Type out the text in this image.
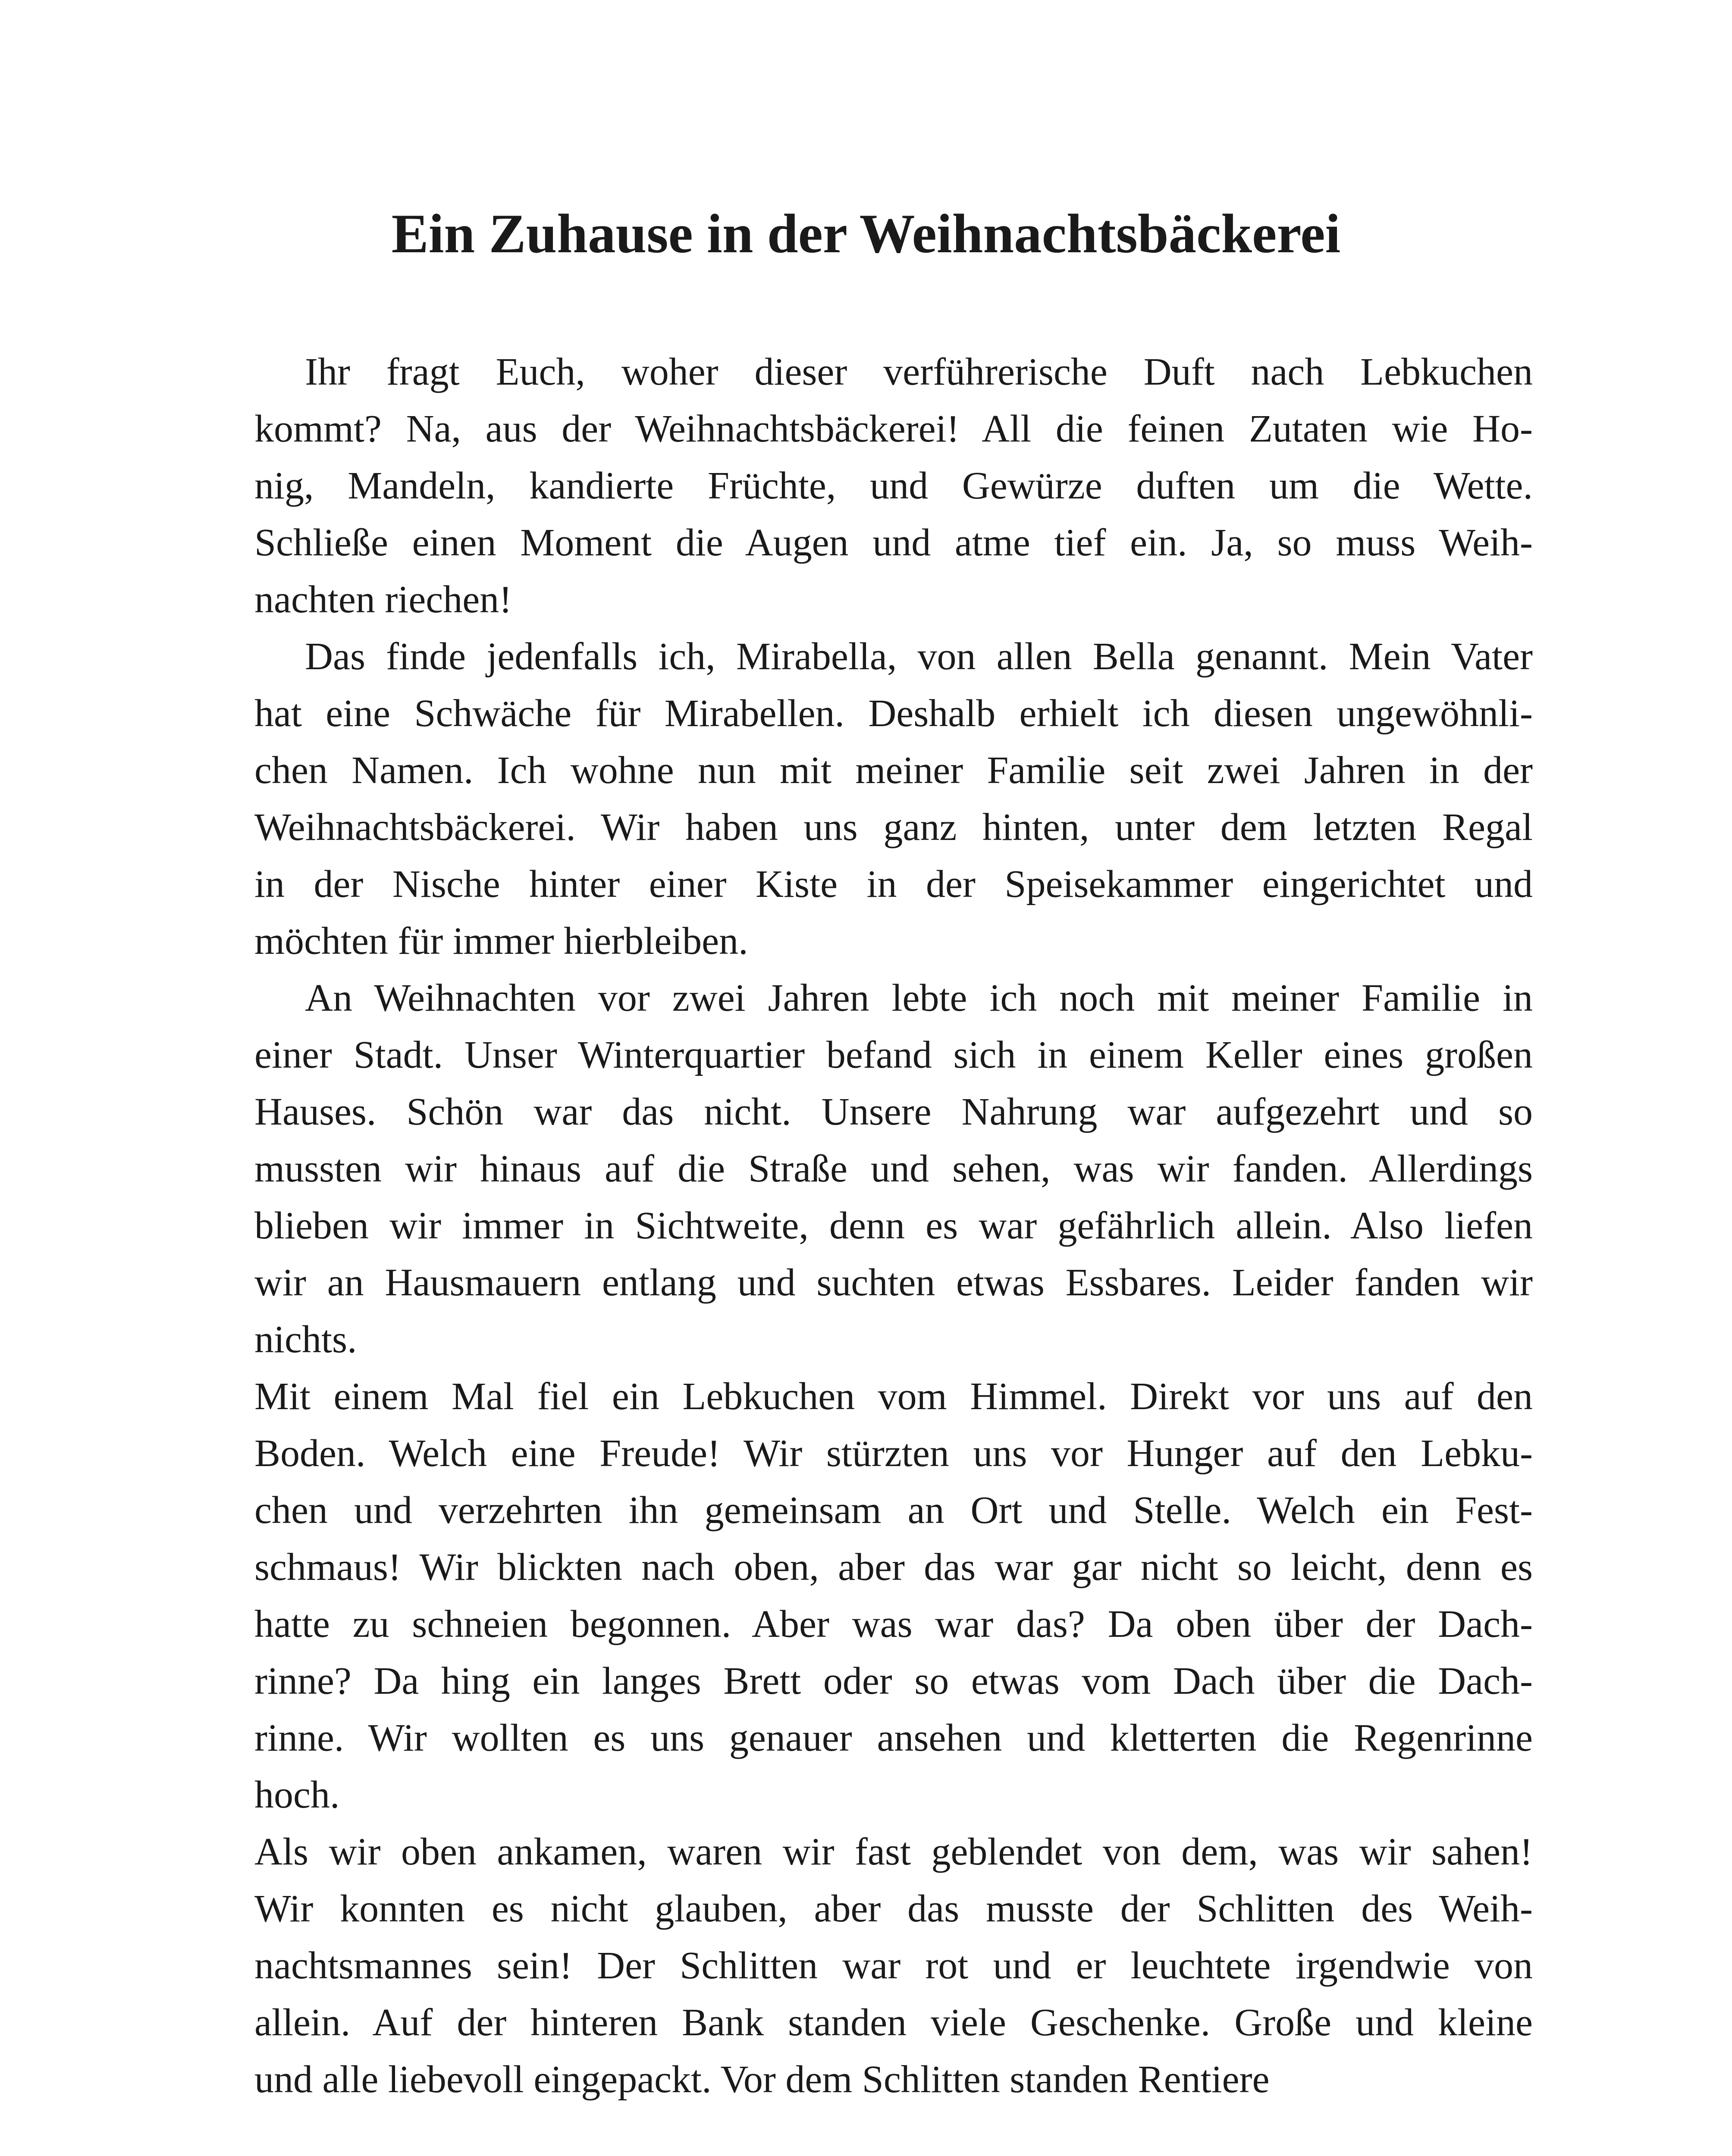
Ein Zuhause in der Weihnachtsbäckerei
Ihr fragt Euch, woher dieser verführerische Duft nach Lebkuchen
kommt? Na, aus der Weihnachtsbäckerei! All die feinen Zutaten wie Ho-
nig, Mandeln, kandierte Früchte, und Gewürze duften um die Wette.
Schließe einen Moment die Augen und atme tief ein. Ja, so muss Weih-
nachten riechen!
Das finde jedenfalls ich, Mirabella, von allen Bella genannt. Mein Vater
hat eine Schwäche für Mirabellen. Deshalb erhielt ich diesen ungewöhnli-
chen Namen. Ich wohne nun mit meiner Familie seit zwei Jahren in der
Weihnachtsbäckerei. Wir haben uns ganz hinten, unter dem letzten Regal
in der Nische hinter einer Kiste in der Speisekammer eingerichtet und
möchten für immer hierbleiben.
An Weihnachten vor zwei Jahren lebte ich noch mit meiner Familie in
einer Stadt. Unser Winterquartier befand sich in einem Keller eines großen
Hauses. Schön war das nicht. Unsere Nahrung war aufgezehrt und so
mussten wir hinaus auf die Straße und sehen, was wir fanden. Allerdings
blieben wir immer in Sichtweite, denn es war gefährlich allein. Also liefen
wir an Hausmauern entlang und suchten etwas Essbares. Leider fanden wir
nichts.
Mit einem Mal fiel ein Lebkuchen vom Himmel. Direkt vor uns auf den
Boden. Welch eine Freude! Wir stürzten uns vor Hunger auf den Lebku-
chen und verzehrten ihn gemeinsam an Ort und Stelle. Welch ein Fest-
schmaus! Wir blickten nach oben, aber das war gar nicht so leicht, denn es
hatte zu schneien begonnen. Aber was war das? Da oben über der Dach-
rinne? Da hing ein langes Brett oder so etwas vom Dach über die Dach-
rinne. Wir wollten es uns genauer ansehen und kletterten die Regenrinne
hoch.
Als wir oben ankamen, waren wir fast geblendet von dem, was wir sahen!
Wir konnten es nicht glauben, aber das musste der Schlitten des Weih-
nachtsmannes sein! Der Schlitten war rot und er leuchtete irgendwie von
allein. Auf der hinteren Bank standen viele Geschenke. Große und kleine
und alle liebevoll eingepackt. Vor dem Schlitten standen Rentiere
